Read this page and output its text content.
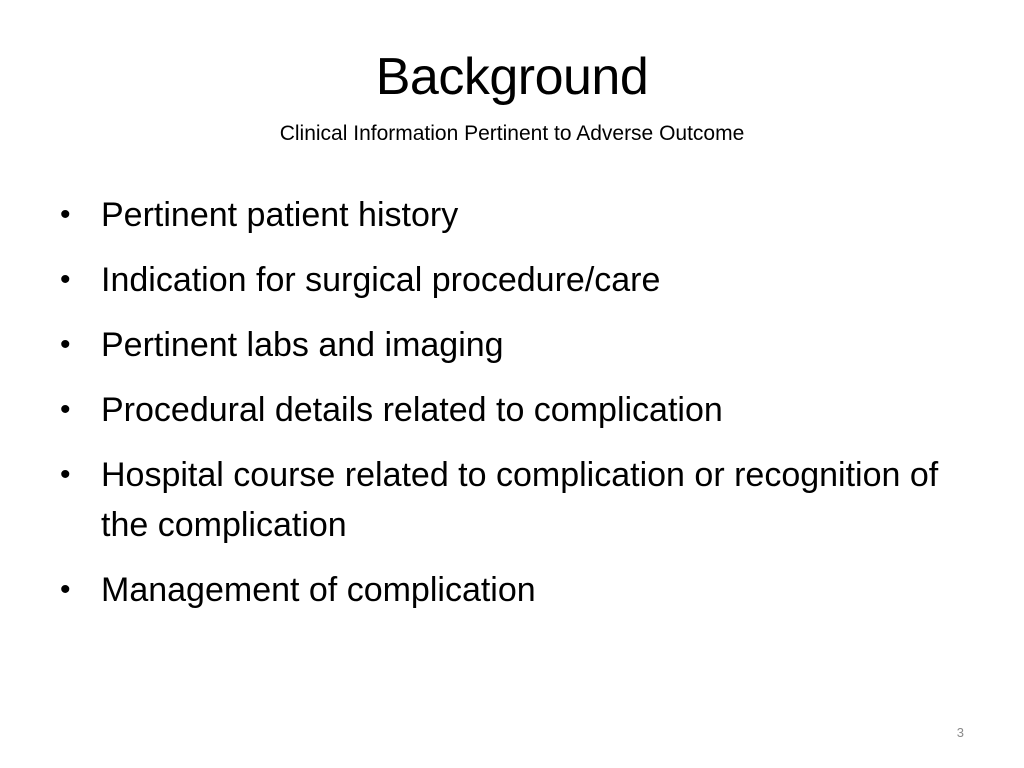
Background
Clinical Information Pertinent to Adverse Outcome
• Pertinent patient history
• Indication for surgical procedure/care
• Pertinent labs and imaging
• Procedural details related to complication
• Hospital course related to complication or recognition of the complication
• Management of complication
3
